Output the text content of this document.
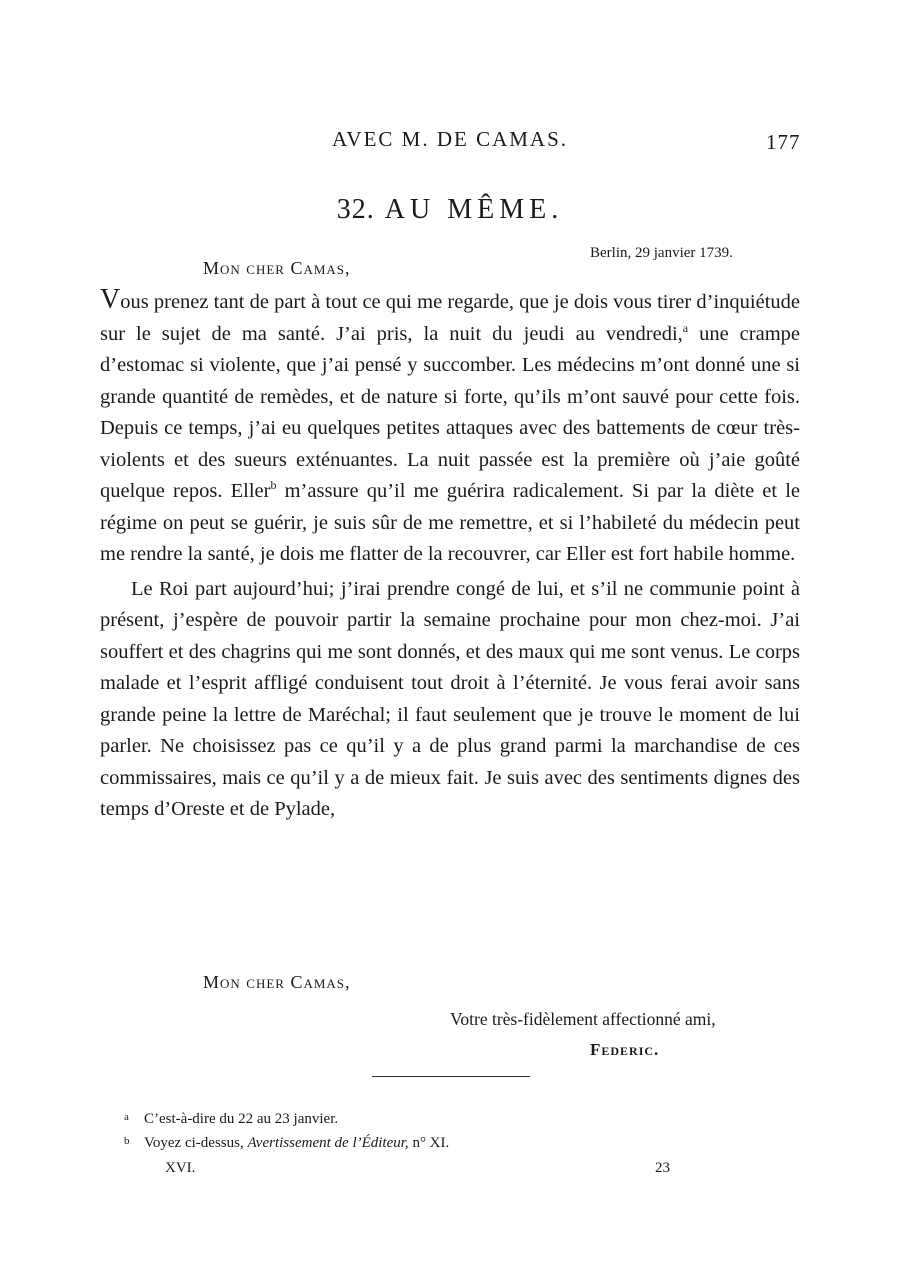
AVEC M. DE CAMAS.	177
32. AU MÊME.
Berlin, 29 janvier 1739.
Mon cher Camas,

Vous prenez tant de part à tout ce qui me regarde, que je dois vous tirer d’inquiétude sur le sujet de ma santé. J’ai pris, la nuit du jeudi au vendredi,$^a$ une crampe d’estomac si violente, que j’ai pensé y succomber. Les médecins m’ont donné une si grande quantité de remèdes, et de nature si forte, qu’ils m’ont sauvé pour cette fois. Depuis ce temps, j’ai eu quelques petites attaques avec des battements de cœur très-violents et des sueurs exténuantes. La nuit passée est la première où j’aie goûté quelque repos. Eller$^b$ m’assure qu’il me guérira radicalement. Si par la diète et le régime on peut se guérir, je suis sûr de me remettre, et si l’habileté du médecin peut me rendre la santé, je dois me flatter de la recouvrer, car Eller est fort habile homme.

Le Roi part aujourd’hui; j’irai prendre congé de lui, et s’il ne communie point à présent, j’espère de pouvoir partir la semaine prochaine pour mon chez-moi. J’ai souffert et des chagrins qui me sont donnés, et des maux qui me sont venus. Le corps malade et l’esprit affligé conduisent tout droit à l’éternité. Je vous ferai avoir sans grande peine la lettre de Maréchal; il faut seulement que je trouve le moment de lui parler. Ne choisissez pas ce qu’il y a de plus grand parmi la marchandise de ces commissaires, mais ce qu’il y a de mieux fait. Je suis avec des sentiments dignes des temps d’Oreste et de Pylade,

Mon cher Camas,
Votre très-fidèlement affectionné ami,
Federic.
a C’est-à-dire du 22 au 23 janvier.
b Voyez ci-dessus, Avertissement de l’Éditeur, n° XI.
XVI.	23
